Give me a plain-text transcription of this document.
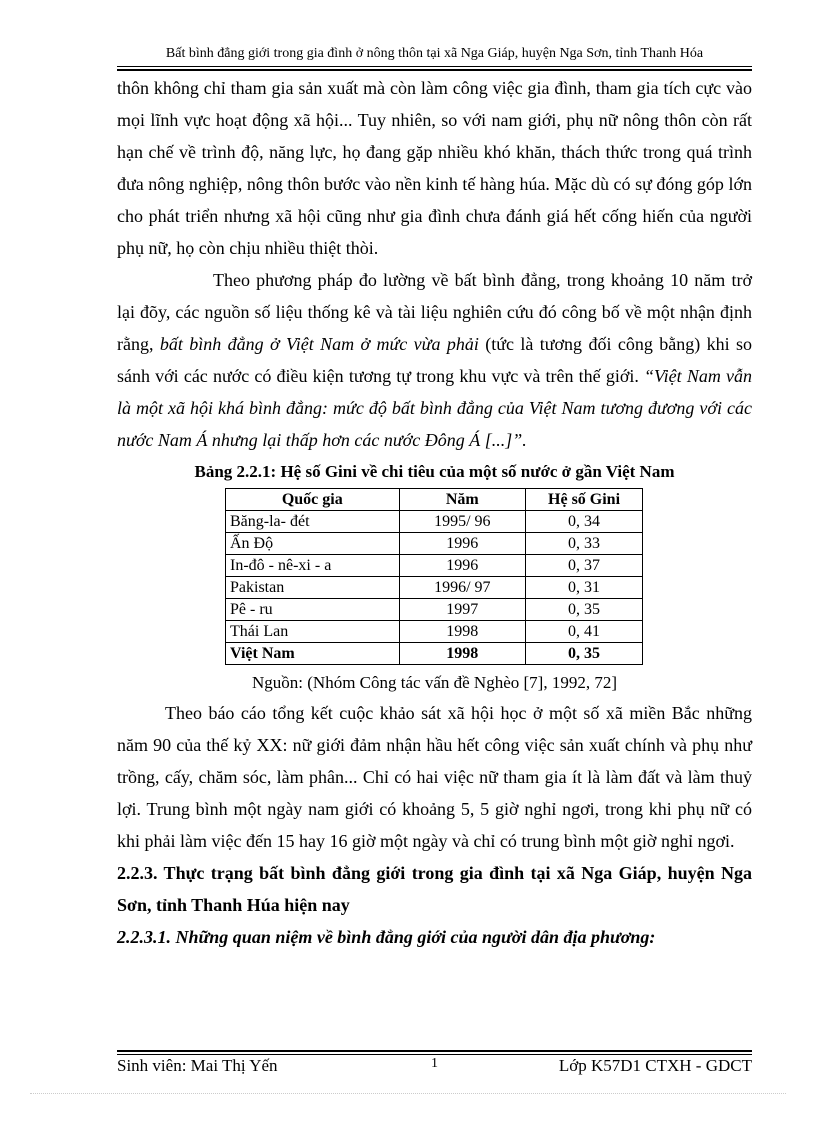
Bất bình đẳng giới trong gia đình ở nông thôn tại xã Nga Giáp, huyện Nga Sơn, tỉnh Thanh Hóa

thôn không chỉ tham gia sản xuất mà còn làm công việc gia đình, tham gia tích cực vào mọi lĩnh vực hoạt động xã hội... Tuy nhiên, so với nam giới, phụ nữ nông thôn còn rất hạn chế về trình độ, năng lực, họ đang gặp nhiều khó khăn, thách thức trong quá trình đưa nông nghiệp, nông thôn bước vào nền kinh tế hàng húa. Mặc dù có sự đóng góp lớn cho phát triển nhưng xã hội cũng như gia đình chưa đánh giá hết cống hiến của người phụ nữ, họ còn chịu nhiều thiệt thòi.

Theo phương pháp đo lường về bất bình đẳng, trong khoảng 10 năm trở lại đõy, các nguồn số liệu thống kê và tài liệu nghiên cứu đó công bố về một nhận định rằng, bất bình đẳng ở Việt Nam ở mức vừa phải (tức là tương đối công bằng) khi so sánh với các nước có điều kiện tương tự trong khu vực và trên thế giới. “Việt Nam vẫn là một xã hội khá bình đẳng: mức độ bất bình đẳng của Việt Nam tương đương với các nước Nam Á nhưng lại thấp hơn các nước Đông Á [...]”.

Bảng 2.2.1: Hệ số Gini về chi tiêu của một số nước ở gần Việt Nam
Quốc gia	Năm	Hệ số Gini
Băng-la- đét	1995/ 96	0, 34
Ấn Độ	1996	0, 33
In-đô - nê-xi - a	1996	0, 37
Pakistan	1996/ 97	0, 31
Pê - ru	1997	0, 35
Thái Lan	1998	0, 41
Việt Nam	1998	0, 35
Nguồn: (Nhóm Công tác vấn đề Nghèo [7], 1992, 72]

Theo báo cáo tổng kết cuộc khảo sát xã hội học ở một số xã miền Bắc những năm 90 của thế kỷ XX: nữ giới đảm nhận hầu hết công việc sản xuất chính và phụ như trồng, cấy, chăm sóc, làm phân... Chỉ có hai việc nữ tham gia ít là làm đất và làm thuỷ lợi. Trung bình một ngày nam giới có khoảng 5, 5 giờ nghỉ ngơi, trong khi phụ nữ có khi phải làm việc đến 15 hay 16 giờ một ngày và chỉ có trung bình một giờ nghỉ ngơi.

2.2.3. Thực trạng bất bình đẳng giới trong gia đình tại xã Nga Giáp, huyện Nga Sơn, tỉnh Thanh Húa hiện nay

2.2.3.1. Những quan niệm về bình đẳng giới của người dân địa phương:

Sinh viên: Mai Thị Yến	1	Lớp K57D1 CTXH - GDCT
